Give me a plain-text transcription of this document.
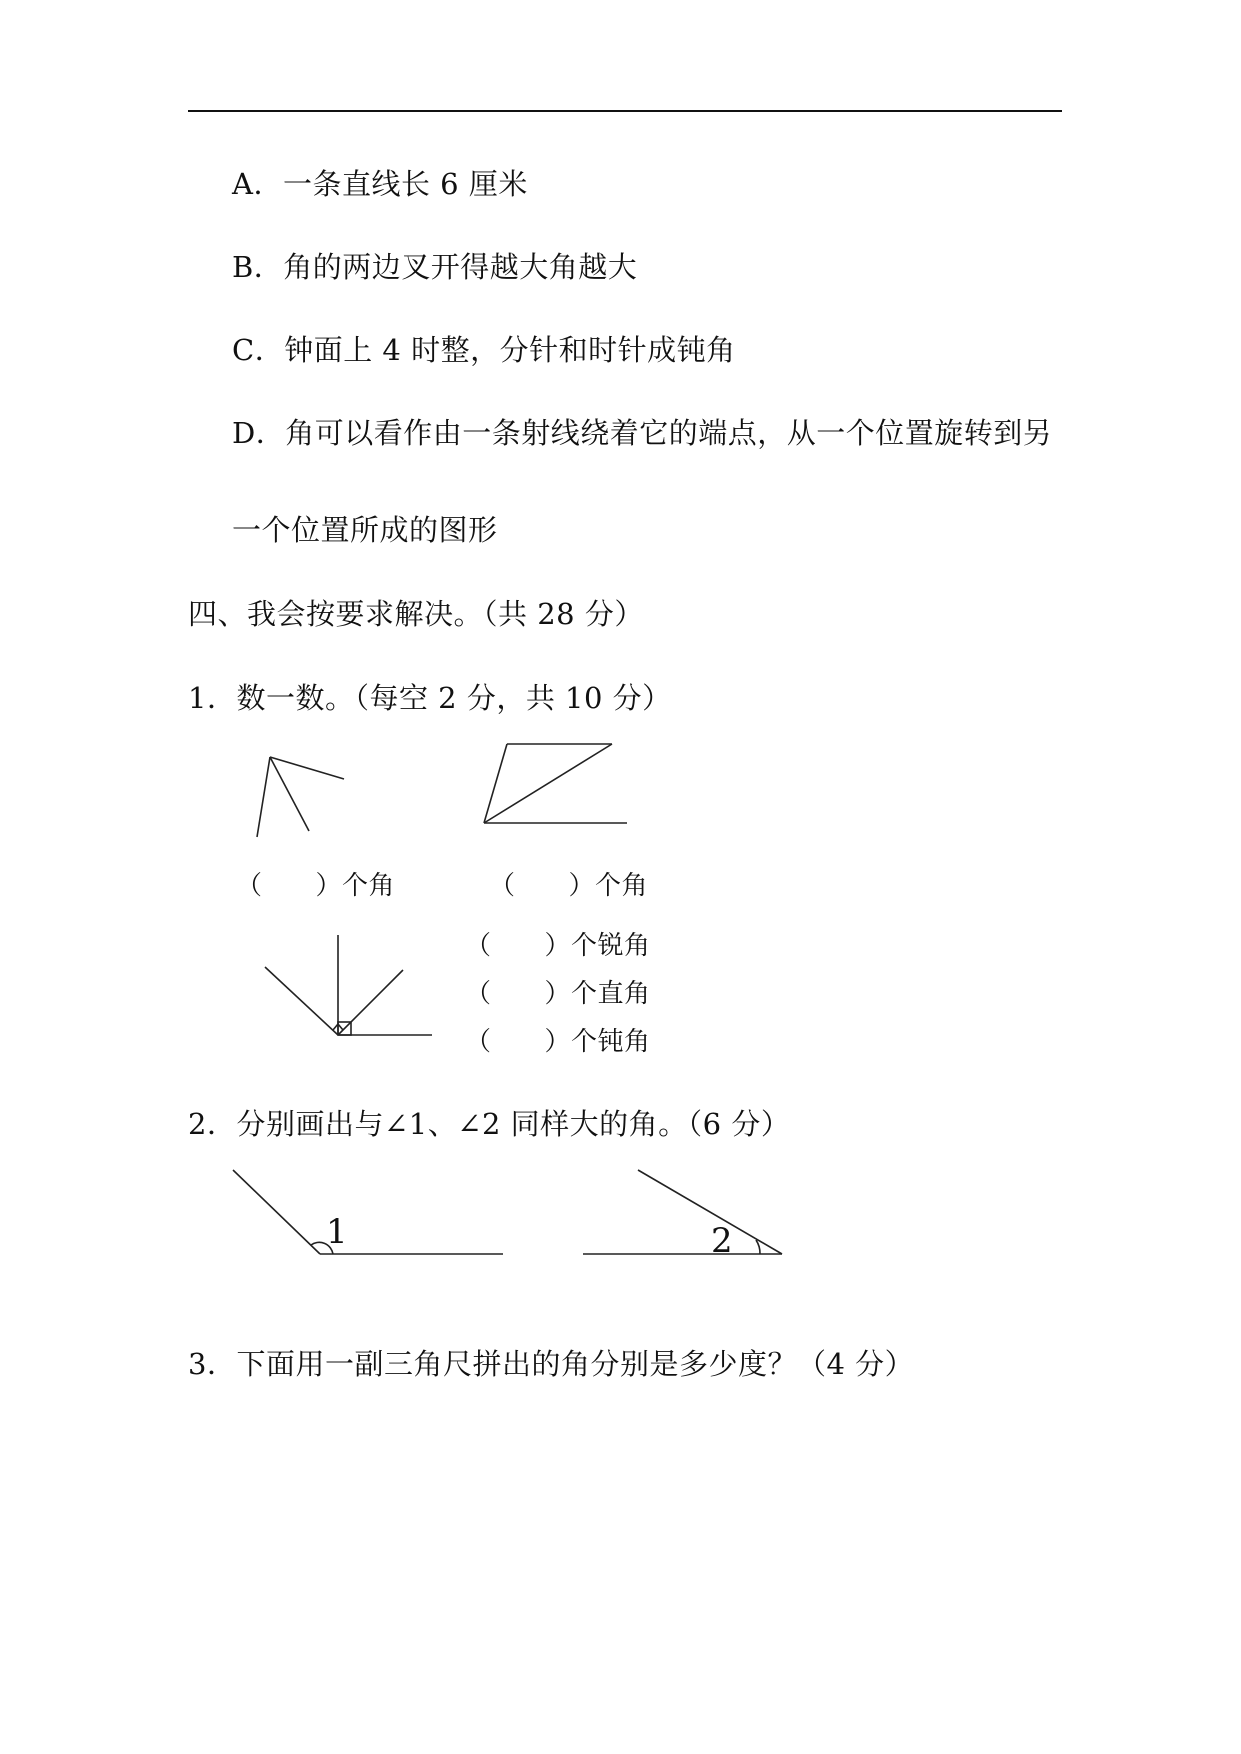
A．一条直线长 6 厘米
B．角的两边叉开得越大角越大
C．钟面上 4 时整，分针和时针成钝角
D．角可以看作由一条射线绕着它的端点，从一个位置旋转到另
一个位置所成的图形
四、我会按要求解决。（共 28 分）
1．数一数。（每空 2 分，共 10 分）
1	2
（　　）个角	（　　）个角
（　　）个锐角
（　　）个直角
（　　）个钝角
2．分别画出与∠1、∠2 同样大的角。（6 分）
3．下面用一副三角尺拼出的角分别是多少度？（4 分）
